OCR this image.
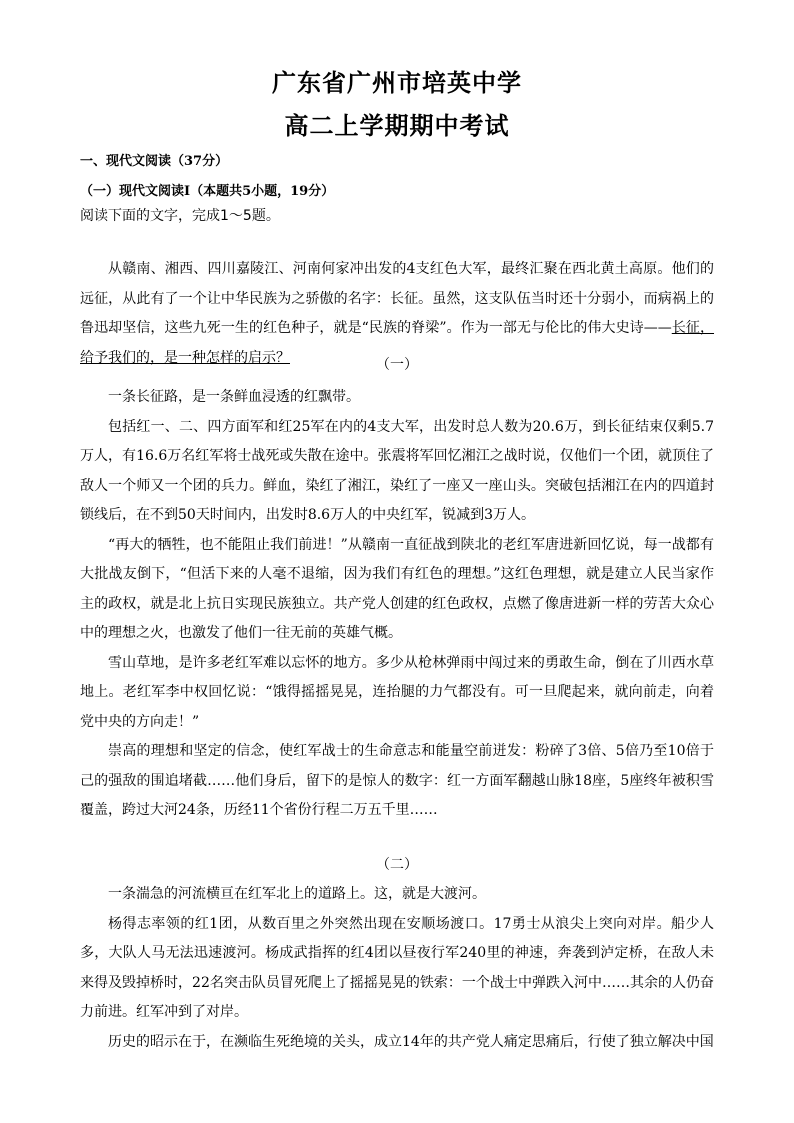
广东省广州市培英中学
高二上学期期中考试
一、现代文阅读（37分）
（一）现代文阅读Ⅰ（本题共5小题，19分）
阅读下面的文字，完成1～5题。

从赣南、湘西、四川嘉陵江、河南何家冲出发的4支红色大军，最终汇聚在西北黄土高原。他们的远征，从此有了一个让中华民族为之骄傲的名字：长征。虽然，这支队伍当时还十分弱小，而病祸上的鲁迅却坚信，这些九死一生的红色种子，就是“民族的脊梁”。作为一部无与伦比的伟大史诗——长征，给予我们的，是一种怎样的启示？	（一）

一条长征路，是一条鲜血浸透的红飘带。

包括红一、二、四方面军和红25军在内的4支大军，出发时总人数为20.6万，到长征结束仅剩5.7万人，有16.6万名红军将士战死或失散在途中。张震将军回忆湘江之战时说，仅他们一个团，就顶住了敌人一个师又一个团的兵力。鲜血，染红了湘江，染红了一座又一座山头。突破包括湘江在内的四道封锁线后，在不到50天时间内，出发时8.6万人的中央红军，锐减到3万人。

“再大的牺牲，也不能阻止我们前进！”从赣南一直征战到陕北的老红军唐进新回忆说，每一战都有大批战友倒下，“但活下来的人毫不退缩，因为我们有红色的理想。”这红色理想，就是建立人民当家作主的政权，就是北上抗日实现民族独立。共产党人创建的红色政权，点燃了像唐进新一样的劳苦大众心中的理想之火，也激发了他们一往无前的英雄气概。

雪山草地，是许多老红军难以忘怀的地方。多少从枪林弹雨中闯过来的勇敢生命，倒在了川西水草地上。老红军李中权回忆说：“饿得摇摇晃晃，连抬腿的力气都没有。可一旦爬起来，就向前走，向着党中央的方向走！”

崇高的理想和坚定的信念，使红军战士的生命意志和能量空前迸发：粉碎了3倍、5倍乃至10倍于己的强敌的围追堵截……他们身后，留下的是惊人的数字：红一方面军翻越山脉18座，5座终年被积雪覆盖，跨过大河24条，历经11个省份行程二万五千里……

（二）

一条湍急的河流横亘在红军北上的道路上。这，就是大渡河。

杨得志率领的红1团，从数百里之外突然出现在安顺场渡口。17勇士从浪尖上突向对岸。船少人多，大队人马无法迅速渡河。杨成武指挥的红4团以昼夜行军240里的神速，奔袭到泸定桥，在敌人未来得及毁掉桥时，22名突击队员冒死爬上了摇摇晃晃的铁索：一个战士中弹跌入河中……其余的人仍奋力前进。红军冲到了对岸。

历史的昭示在于，在濒临生死绝境的关头，成立14年的共产党人痛定思痛后，行使了独立解决中国
